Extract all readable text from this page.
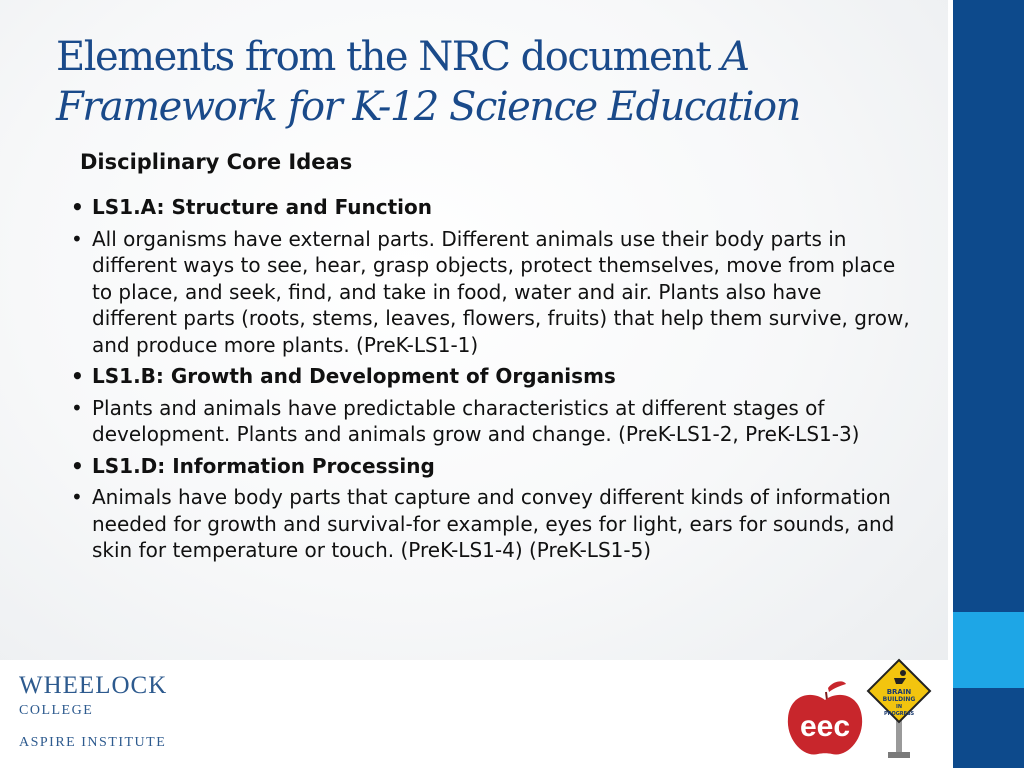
Elements from the NRC document A
Framework for K-12 Science Education
Disciplinary Core Ideas
• LS1.A: Structure and Function
• All organisms have external parts. Different animals use their body parts in different ways to see, hear, grasp objects, protect themselves, move from place to place, and seek, find, and take in food, water and air. Plants also have different parts (roots, stems, leaves, flowers, fruits) that help them survive, grow, and produce more plants. (PreK-LS1-1)
• LS1.B: Growth and Development of Organisms
• Plants and animals have predictable characteristics at different stages of development. Plants and animals grow and change. (PreK-LS1-2, PreK-LS1-3)
• LS1.D: Information Processing
• Animals have body parts that capture and convey different kinds of information needed for growth and survival-for example, eyes for light, ears for sounds, and skin for temperature or touch. (PreK-LS1-4) (PreK-LS1-5)
WHEELOCK
COLLEGE
ASPIRE INSTITUTE	eec
BRAIN BUILDING IN PROGRESS
